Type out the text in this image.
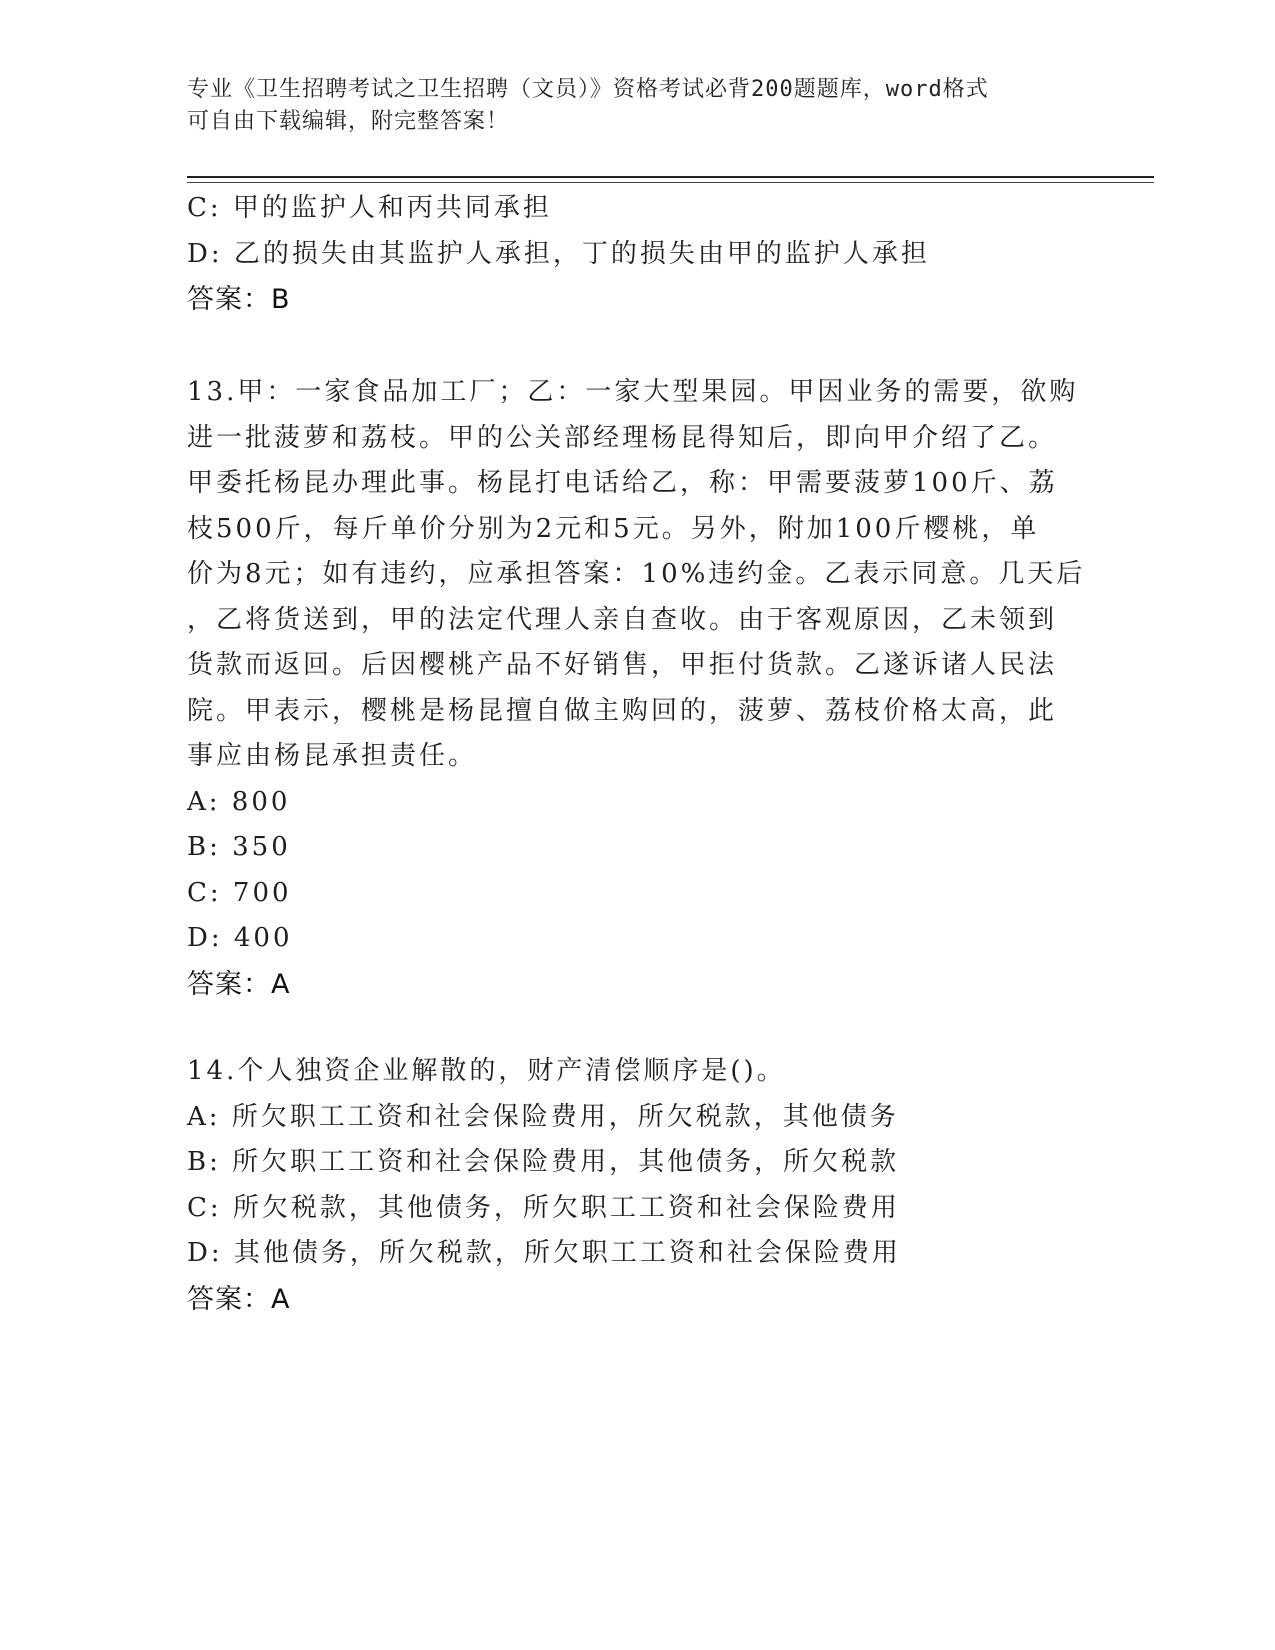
专业《卫生招聘考试之卫生招聘（文员）》资格考试必背200题题库，word格式
可自由下载编辑，附完整答案！
C: 甲的监护人和丙共同承担
D: 乙的损失由其监护人承担，丁的损失由甲的监护人承担
答案：B
13.甲：一家食品加工厂；乙：一家大型果园。甲因业务的需要，欲购
进一批菠萝和荔枝。甲的公关部经理杨昆得知后，即向甲介绍了乙。
甲委托杨昆办理此事。杨昆打电话给乙，称：甲需要菠萝100斤、荔
枝500斤，每斤单价分别为2元和5元。另外，附加100斤樱桃，单
价为8元；如有违约，应承担答案：10%违约金。乙表示同意。几天后
，乙将货送到，甲的法定代理人亲自查收。由于客观原因，乙未领到
货款而返回。后因樱桃产品不好销售，甲拒付货款。乙遂诉诸人民法
院。甲表示，樱桃是杨昆擅自做主购回的，菠萝、荔枝价格太高，此
事应由杨昆承担责任。
A: 800
B: 350
C: 700
D: 400
答案：A
14.个人独资企业解散的，财产清偿顺序是()。
A: 所欠职工工资和社会保险费用，所欠税款，其他债务
B: 所欠职工工资和社会保险费用，其他债务，所欠税款
C: 所欠税款，其他债务，所欠职工工资和社会保险费用
D: 其他债务，所欠税款，所欠职工工资和社会保险费用
答案：A
